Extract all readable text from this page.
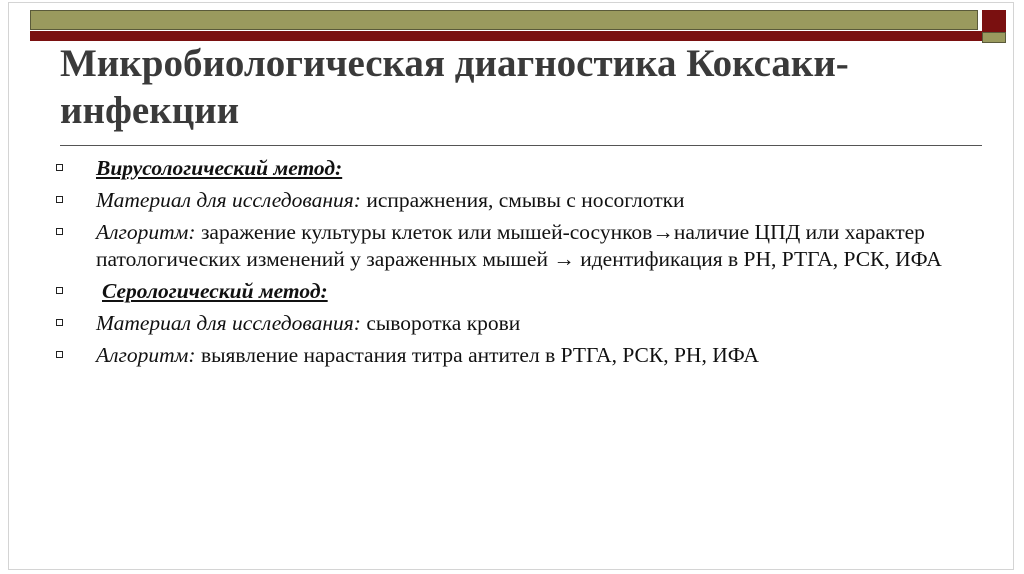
Микробиологическая диагностика Коксаки-инфекции
Вирусологический метод:
Материал для исследования: испражнения, смывы с носоглотки
Алгоритм: заражение культуры клеток или мышей-сосунков→наличие ЦПД или характер патологических изменений у зараженных мышей → идентификация в РН, РТГА, РСК, ИФА
Серологический метод:
Материал для исследования: сыворотка крови
Алгоритм: выявление нарастания титра антител в РТГА, РСК, РН, ИФА
